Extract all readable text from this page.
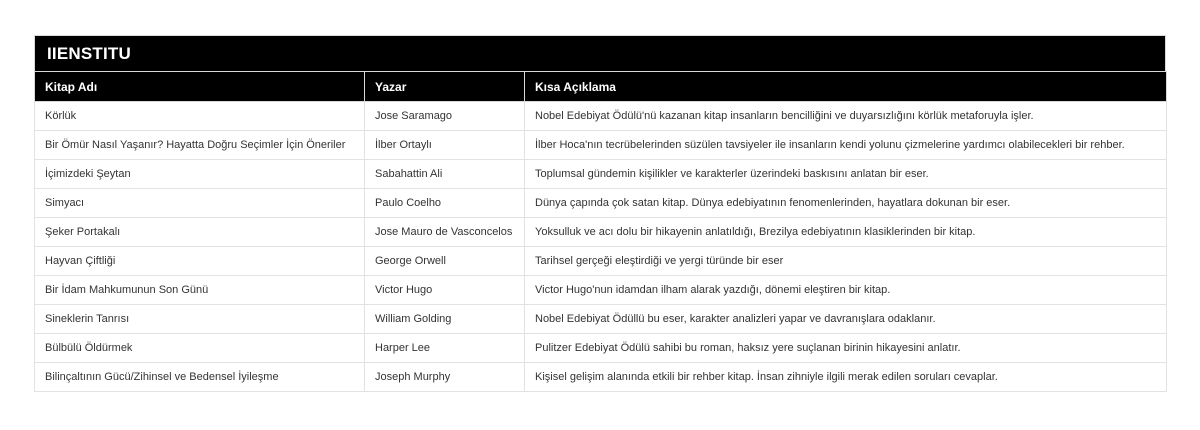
IIENSTITU
Kitap Adı	Yazar	Kısa Açıklama
Körlük	Jose Saramago	Nobel Edebiyat Ödülü'nü kazanan kitap insanların bencilliğini ve duyarsızlığını körlük metaforuyla işler.
Bir Ömür Nasıl Yaşanır? Hayatta Doğru Seçimler İçin Öneriler	İlber Ortaylı	İlber Hoca'nın tecrübelerinden süzülen tavsiyeler ile insanların kendi yolunu çizmelerine yardımcı olabilecekleri bir rehber.
İçimizdeki Şeytan	Sabahattin Ali	Toplumsal gündemin kişilikler ve karakterler üzerindeki baskısını anlatan bir eser.
Simyacı	Paulo Coelho	Dünya çapında çok satan kitap. Dünya edebiyatının fenomenlerinden, hayatlara dokunan bir eser.
Şeker Portakalı	Jose Mauro de Vasconcelos	Yoksulluk ve acı dolu bir hikayenin anlatıldığı, Brezilya edebiyatının klasiklerinden bir kitap.
Hayvan Çiftliği	George Orwell	Tarihsel gerçeği eleştirdiği ve yergi türünde bir eser
Bir İdam Mahkumunun Son Günü	Victor Hugo	Victor Hugo'nun idamdan ilham alarak yazdığı, dönemi eleştiren bir kitap.
Sineklerin Tanrısı	William Golding	Nobel Edebiyat Ödüllü bu eser, karakter analizleri yapar ve davranışlara odaklanır.
Bülbülü Öldürmek	Harper Lee	Pulitzer Edebiyat Ödülü sahibi bu roman, haksız yere suçlanan birinin hikayesini anlatır.
Bilinçaltının Gücü/Zihinsel ve Bedensel İyileşme	Joseph Murphy	Kişisel gelişim alanında etkili bir rehber kitap. İnsan zihniyle ilgili merak edilen soruları cevaplar.
